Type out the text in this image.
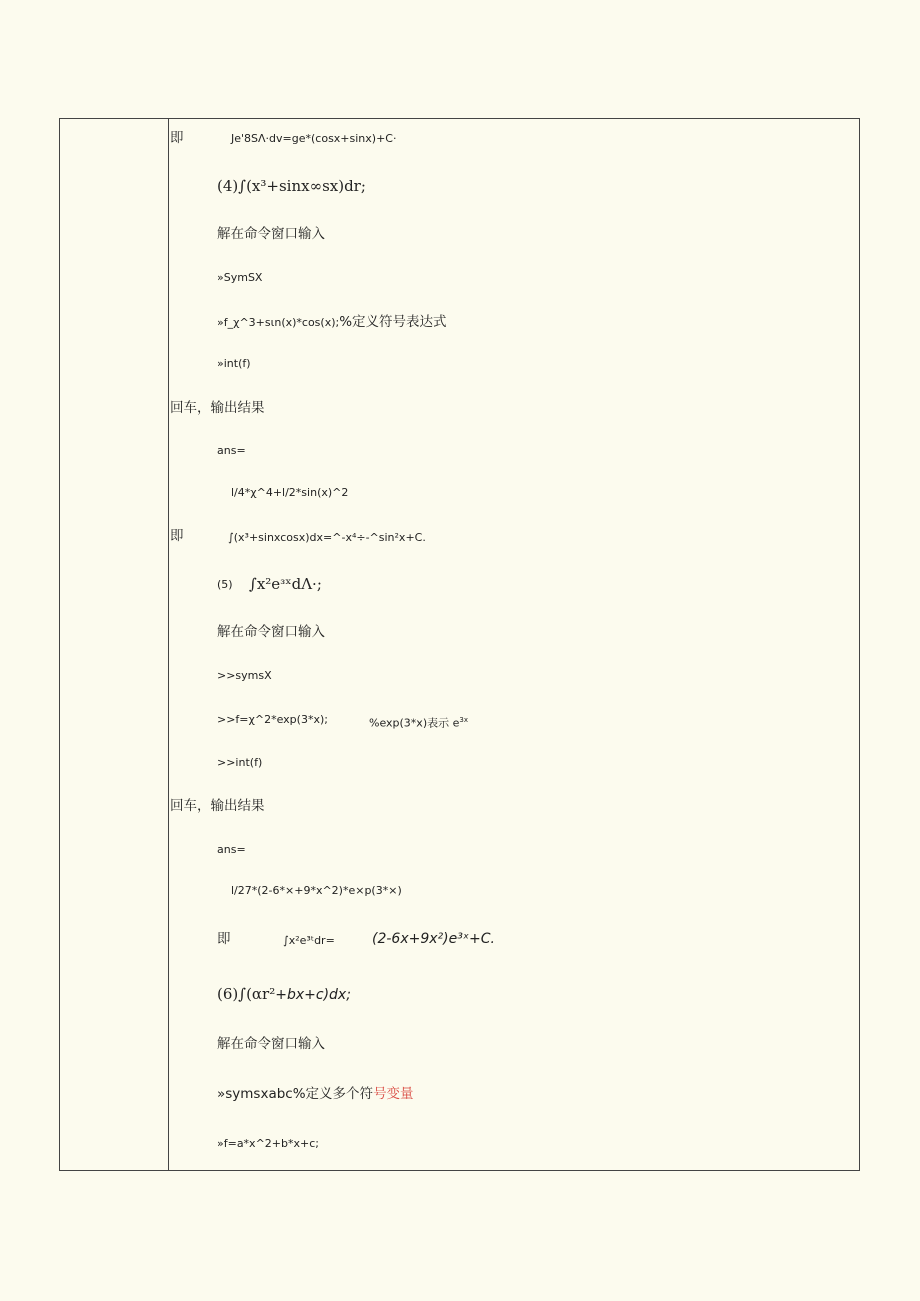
即	Je'8SΛ·dv=ge*(cosx+sinx)+C·
(4)∫(x³+sinx∞sx)dr;
解在命令窗口输入
»SymSX
»f_χ^3+sιn(x)*cos(x);%定义符号表达式
»int(f)
回车，输出结果
ans=
l/4*χ^4+l/2*sin(x)^2
即	∫(x³+sinxcosx)dx=^-x⁴÷-^sin²x+C.
(5) ∫x²eᶟˣdΛ·;
解在命令窗口输入
>>symsX
>>f=χ^2*exp(3*x);	%exp(3*x)表示 $e^{3x}$
>>int(f)
回车，输出结果
ans=
l/27*(2-6*×+9*x^2)*e×p(3*×)
即	∫x²e³ᵗdr=	(2-6x+9x²)e³ˣ+C.
(6)∫(αr²+bx+c)dx;
解在命令窗口输入
»symsxabc%定义多个符号变量
»f=a*x^2+b*x+c;
